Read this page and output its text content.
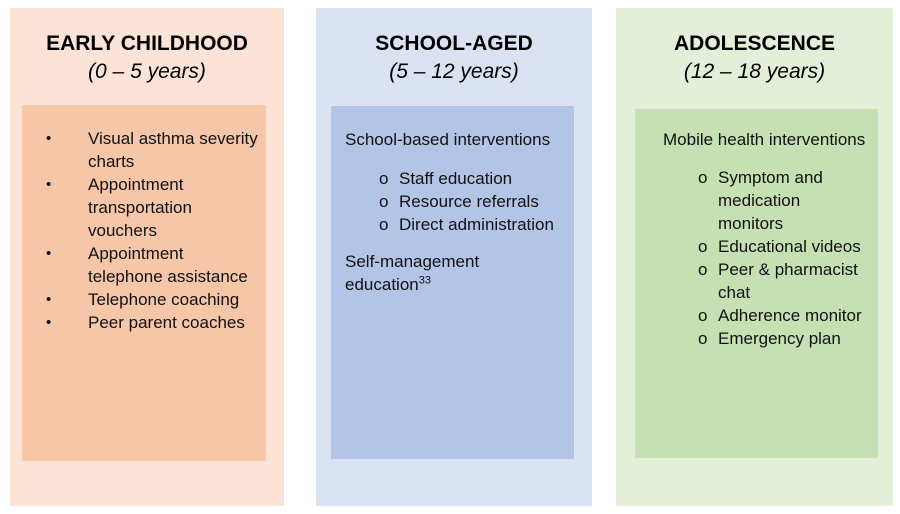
EARLY CHILDHOOD
(0 – 5 years)
• Visual asthma severity charts
• Appointment transportation vouchers
• Appointment telephone assistance
• Telephone coaching
• Peer parent coaches
SCHOOL-AGED
(5 – 12 years)

School-based interventions

o Staff education
o Resource referrals
o Direct administration

Self-management education$^{33}$

ADOLESCENCE
(12 – 18 years)

Mobile health interventions

o Symptom and medication monitors
o Educational videos
o Peer & pharmacist chat
o Adherence monitor
o Emergency plan
